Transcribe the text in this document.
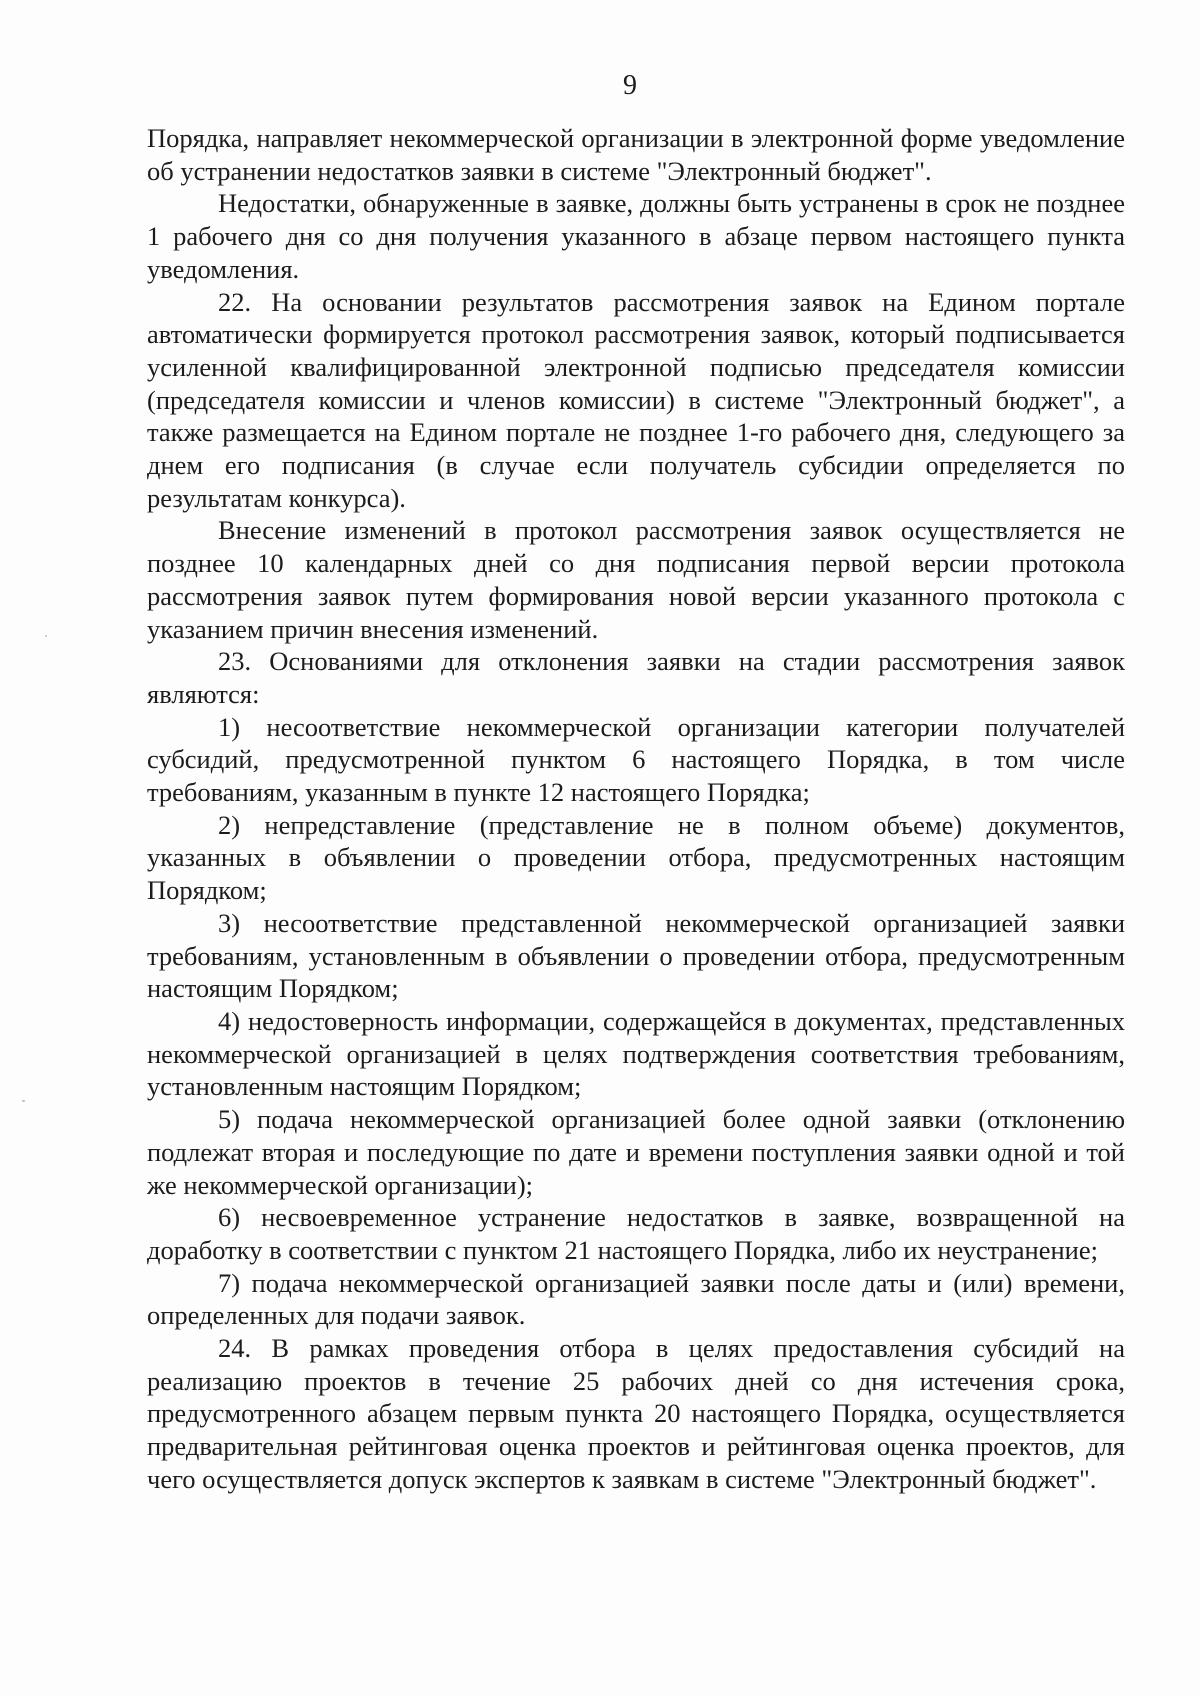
9

Порядка, направляет некоммерческой организации в электронной форме уведомление об устранении недостатков заявки в системе "Электронный бюджет".

Недостатки, обнаруженные в заявке, должны быть устранены в срок не позднее 1 рабочего дня со дня получения указанного в абзаце первом настоящего пункта уведомления.

22. На основании результатов рассмотрения заявок на Едином портале автоматически формируется протокол рассмотрения заявок, который подписывается усиленной квалифицированной электронной подписью председателя комиссии (председателя комиссии и членов комиссии) в системе "Электронный бюджет", а также размещается на Едином портале не позднее 1-го рабочего дня, следующего за днем его подписания (в случае если получатель субсидии определяется по результатам конкурса).

Внесение изменений в протокол рассмотрения заявок осуществляется не позднее 10 календарных дней со дня подписания первой версии протокола рассмотрения заявок путем формирования новой версии указанного протокола с указанием причин внесения изменений.

23. Основаниями для отклонения заявки на стадии рассмотрения заявок являются:

1) несоответствие некоммерческой организации категории получателей субсидий, предусмотренной пунктом 6 настоящего Порядка, в том числе требованиям, указанным в пункте 12 настоящего Порядка;

2) непредставление (представление не в полном объеме) документов, указанных в объявлении о проведении отбора, предусмотренных настоящим Порядком;

3) несоответствие представленной некоммерческой организацией заявки требованиям, установленным в объявлении о проведении отбора, предусмотренным настоящим Порядком;

4) недостоверность информации, содержащейся в документах, представленных некоммерческой организацией в целях подтверждения соответствия требованиям, установленным настоящим Порядком;

5) подача некоммерческой организацией более одной заявки (отклонению подлежат вторая и последующие по дате и времени поступления заявки одной и той же некоммерческой организации);

6) несвоевременное устранение недостатков в заявке, возвращенной на доработку в соответствии с пунктом 21 настоящего Порядка, либо их неустранение;

7) подача некоммерческой организацией заявки после даты и (или) времени, определенных для подачи заявок.

24. В рамках проведения отбора в целях предоставления субсидий на реализацию проектов в течение 25 рабочих дней со дня истечения срока, предусмотренного абзацем первым пункта 20 настоящего Порядка, осуществляется предварительная рейтинговая оценка проектов и рейтинговая оценка проектов, для чего осуществляется допуск экспертов к заявкам в системе "Электронный бюджет".
